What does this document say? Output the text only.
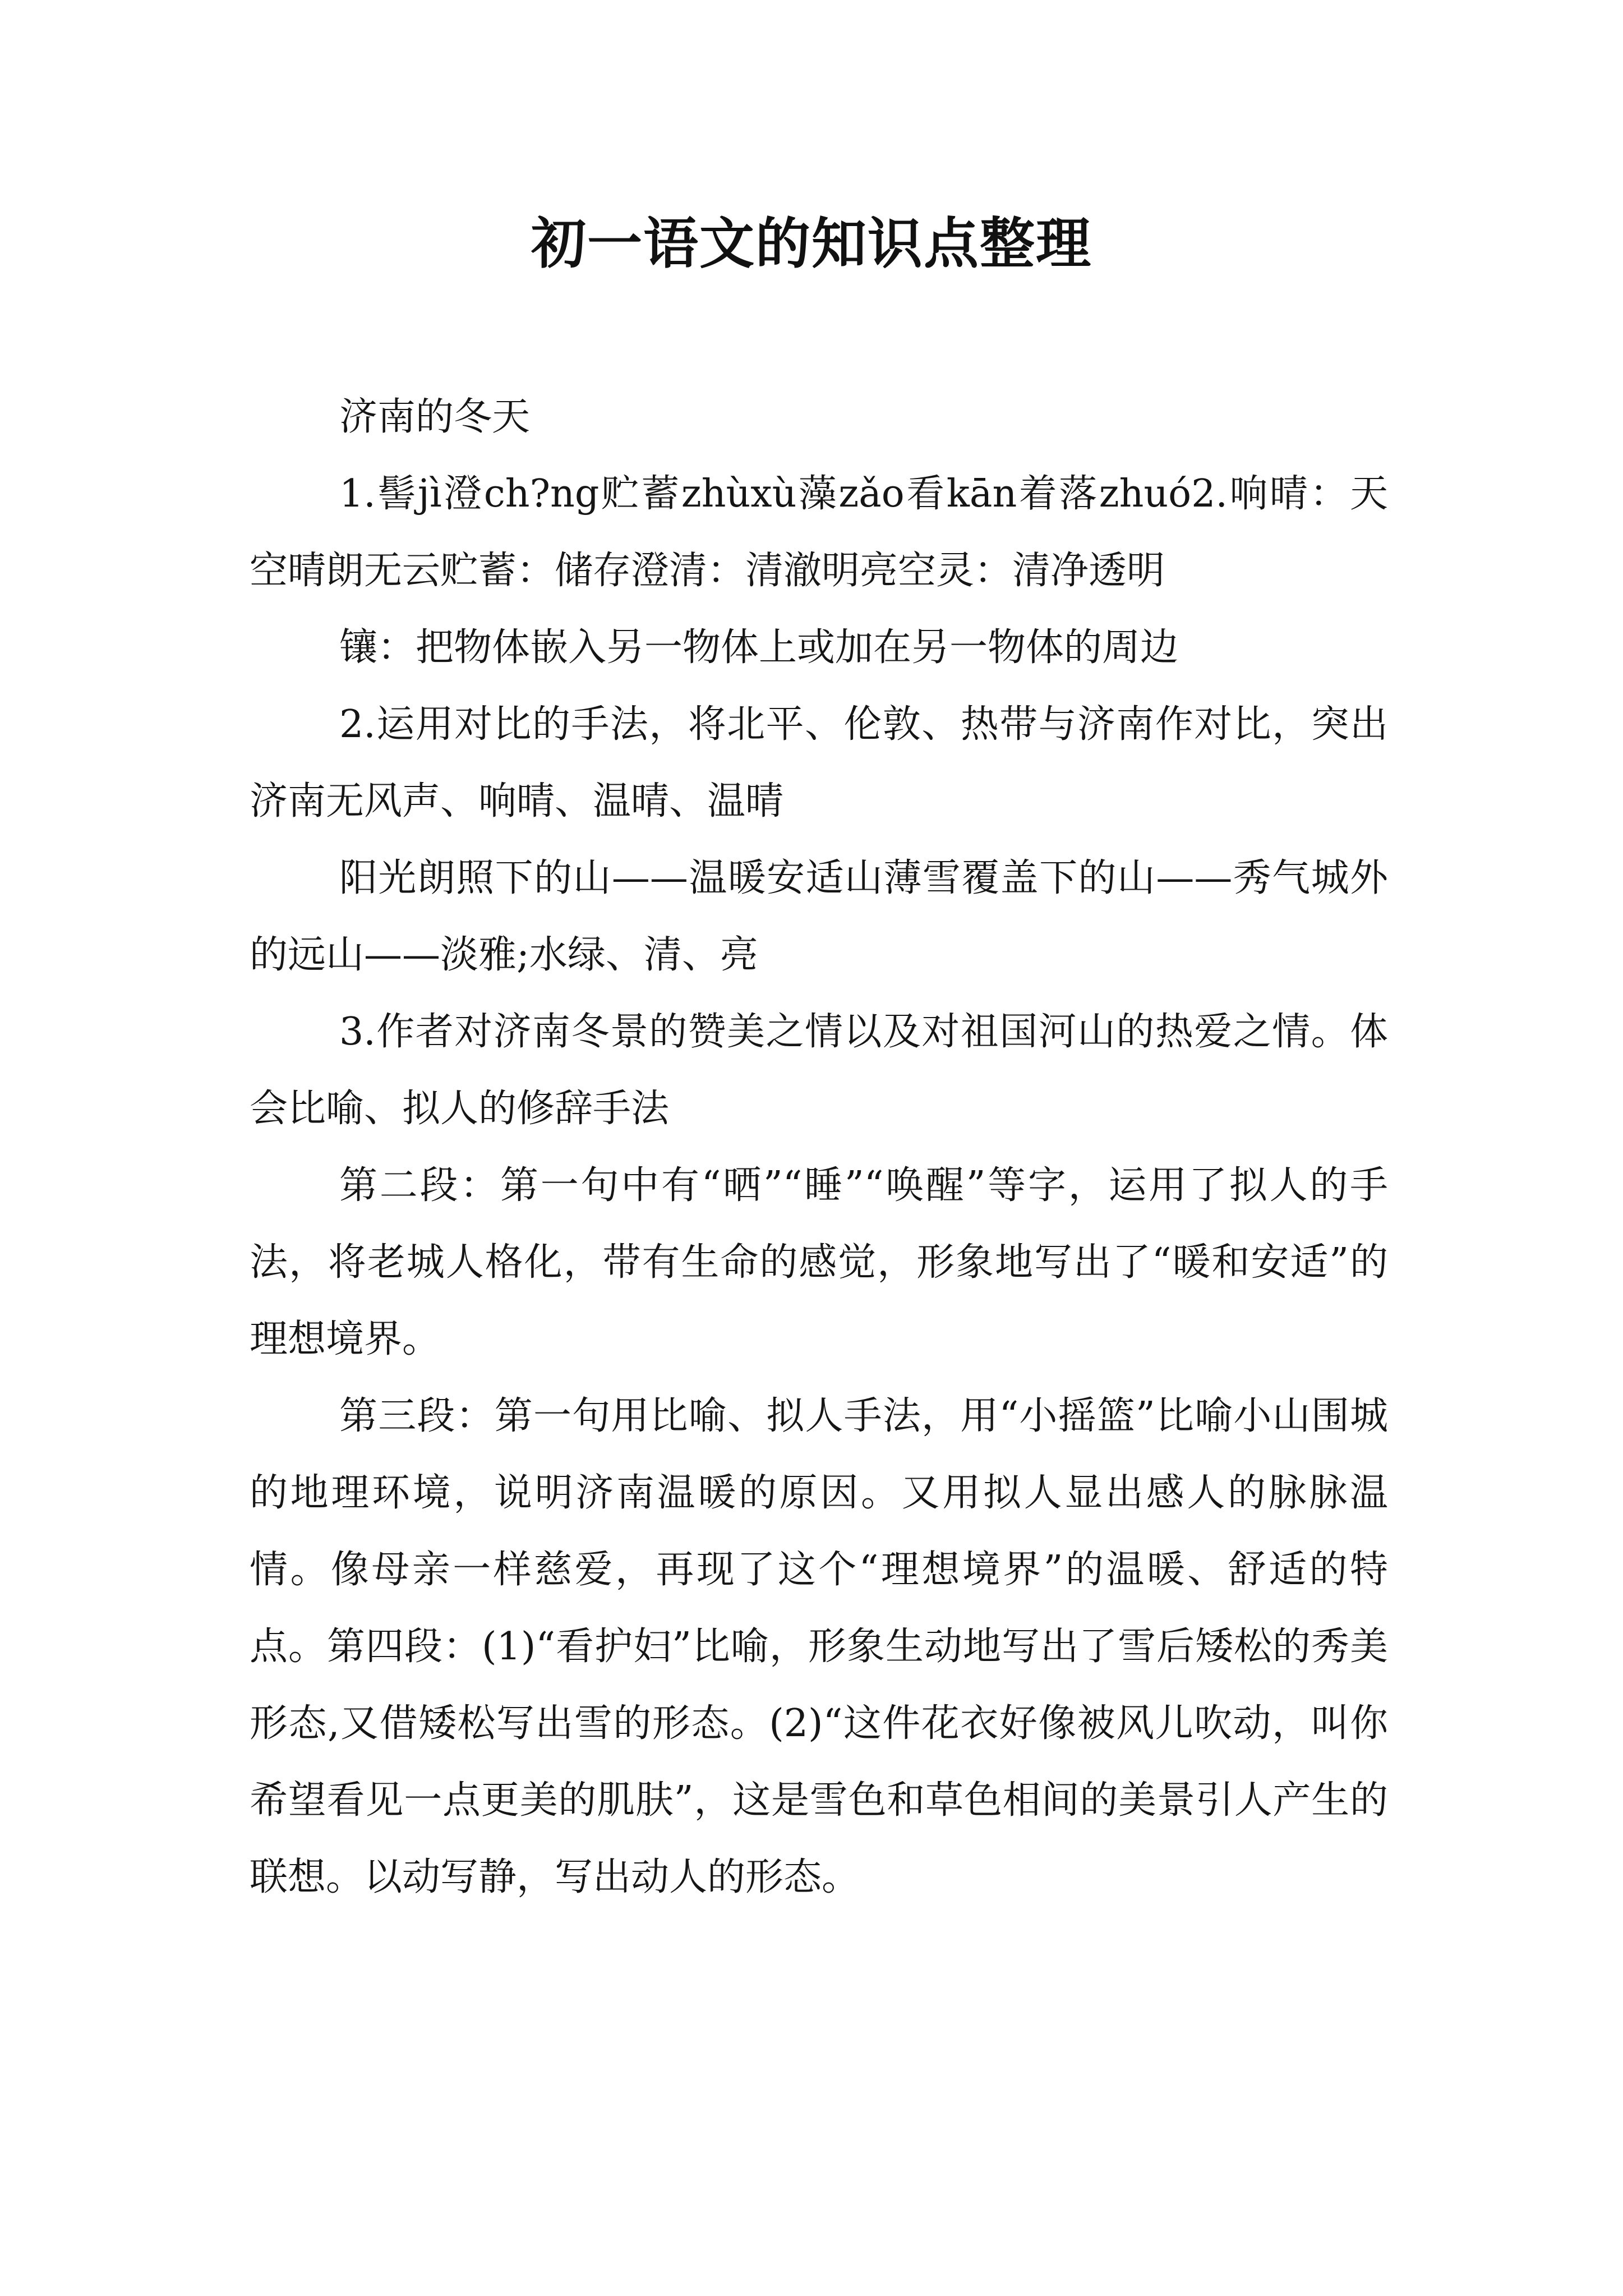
初一语文的知识点整理

济南的冬天

1.髻jì澄ch?ng贮蓄zhùxù藻zǎo看kān着落zhuó2.响晴：天空晴朗无云贮蓄：储存澄清：清澈明亮空灵：清净透明

镶：把物体嵌入另一物体上或加在另一物体的周边

2.运用对比的手法，将北平、伦敦、热带与济南作对比，突出济南无风声、响晴、温晴、温晴

阳光朗照下的山——温暖安适山薄雪覆盖下的山——秀气城外的远山——淡雅;水绿、清、亮

3.作者对济南冬景的赞美之情以及对祖国河山的热爱之情。体会比喻、拟人的修辞手法

第二段：第一句中有“晒”“睡”“唤醒”等字，运用了拟人的手法，将老城人格化，带有生命的感觉，形象地写出了“暖和安适”的理想境界。

第三段：第一句用比喻、拟人手法，用“小摇篮”比喻小山围城的地理环境，说明济南温暖的原因。又用拟人显出感人的脉脉温情。像母亲一样慈爱，再现了这个“理想境界”的温暖、舒适的特点。第四段：(1)“看护妇”比喻，形象生动地写出了雪后矮松的秀美形态,又借矮松写出雪的形态。(2)“这件花衣好像被风儿吹动，叫你希望看见一点更美的肌肤”，这是雪色和草色相间的美景引人产生的联想。以动写静，写出动人的形态。
